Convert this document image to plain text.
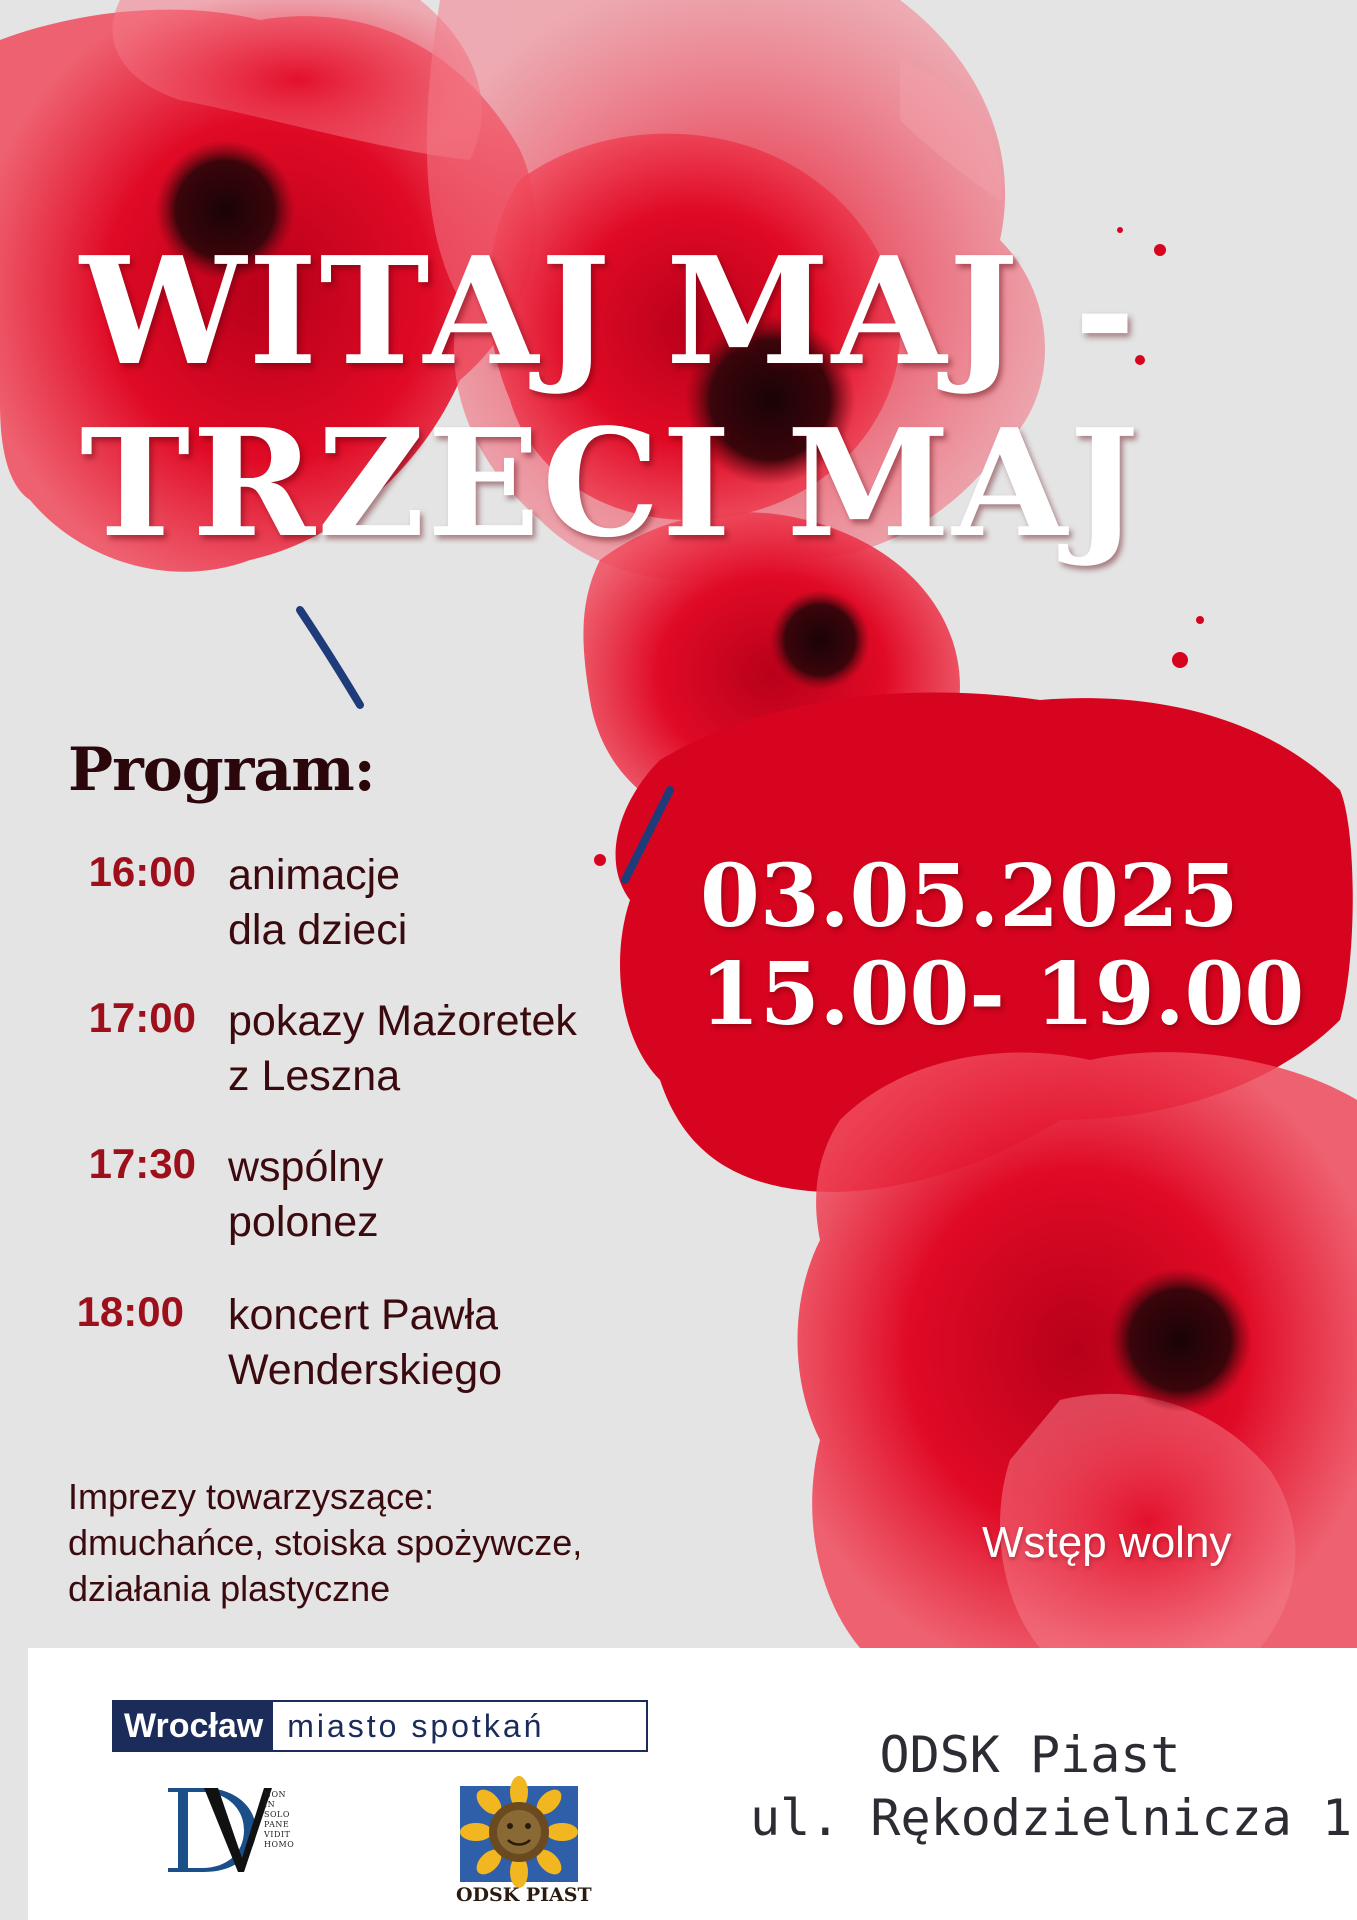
WITAJ MAJ -
TRZECI MAJ
Program:
16:00 animacje
dla dzieci
17:00 pokazy Mażoretek
z Leszna
17:30 wspólny
polonez
18:00 koncert Pawła
Wenderskiego
03.05.2025
15.00- 19.00
Imprezy towarzyszące:
dmuchańce, stoiska spożywcze,
działania plastyczne
Wstęp wolny
Wrocław miasto spotkań
NON
IN
SOLO
PANE
VIDIT
HOMO
ODSK PIAST
ODSK Piast
ul. Rękodzielnicza 1
